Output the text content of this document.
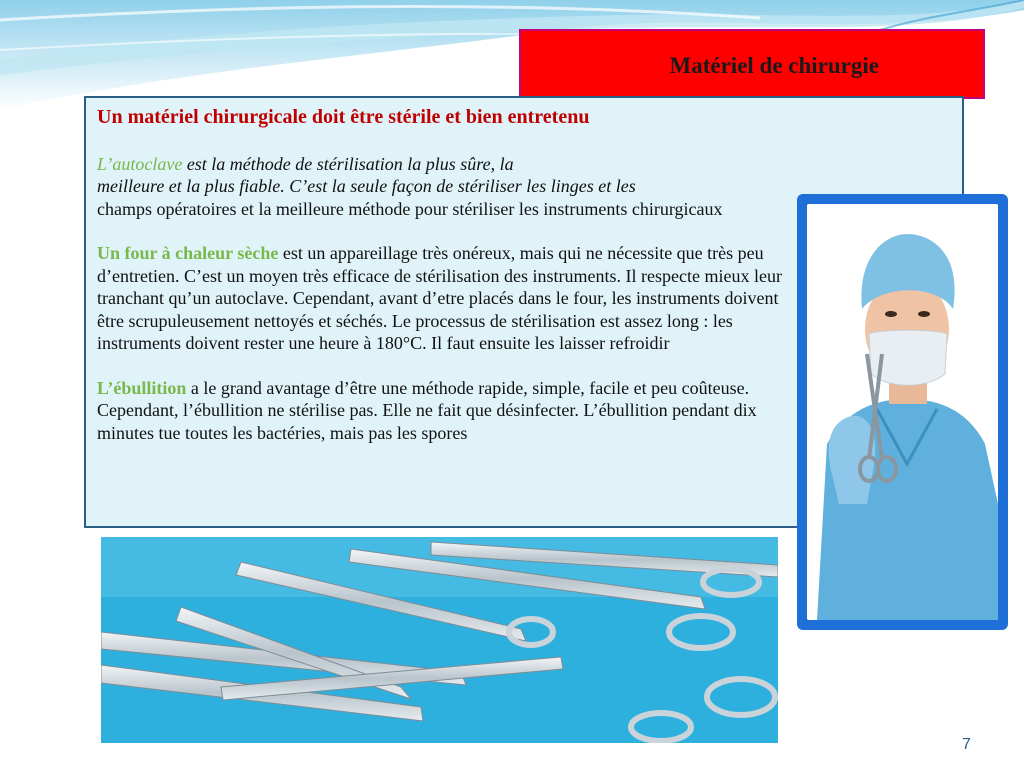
Matériel de chirurgie
Un matériel chirurgicale doit être stérile et bien entretenu
L’autoclave est la méthode de stérilisation la plus sûre, la
meilleure et la plus fiable. C’est la seule façon de stériliser les linges et les
champs opératoires et la meilleure méthode pour stériliser les instruments chirurgicaux
Un four à chaleur sèche est un appareillage très onéreux, mais qui ne nécessite que très peu d’entretien. C’est un moyen très efficace de stérilisation des instruments. Il respecte mieux leur tranchant qu’un autoclave. Cependant, avant d’etre placés dans le four, les instruments doivent être scrupuleusement nettoyés et séchés. Le processus de stérilisation est assez long : les instruments doivent rester une heure à 180°C. Il faut ensuite les laisser refroidir
L’ébullition a le grand avantage d’être une méthode rapide, simple, facile et peu coûteuse. Cependant, l’ébullition ne stérilise pas. Elle ne fait que désinfecter. L’ébullition pendant dix minutes tue toutes les bactéries, mais pas les spores
7
